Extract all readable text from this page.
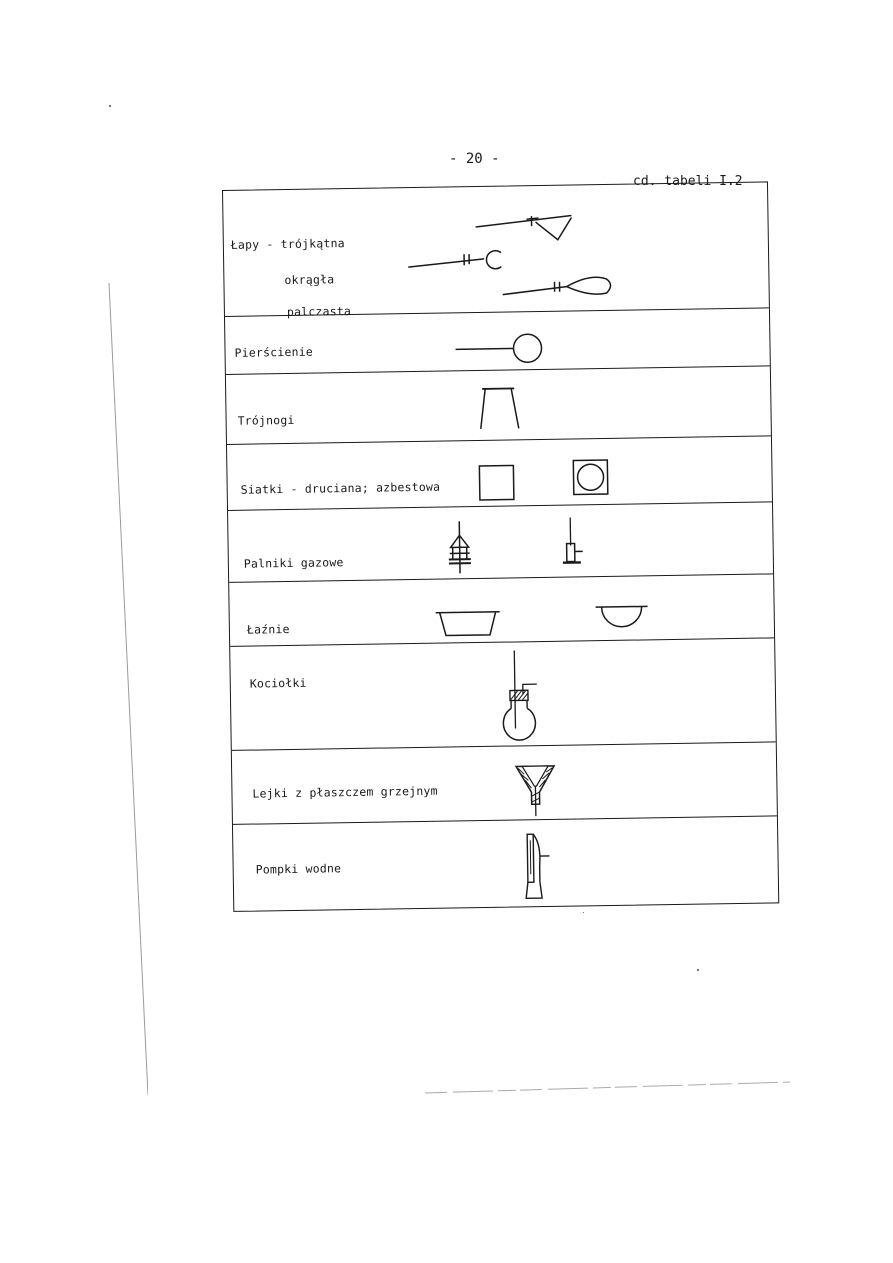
- 20 -
cd. tabeli I.2
Łapy - trójkątna
okrągła
palczasta
Pierścienie
Trójnogi
Siatki - druciana; azbestowa
Palniki gazowe
Łaźnie
Kociołki
Lejki z płaszczem grzejnym
Pompki wodne
